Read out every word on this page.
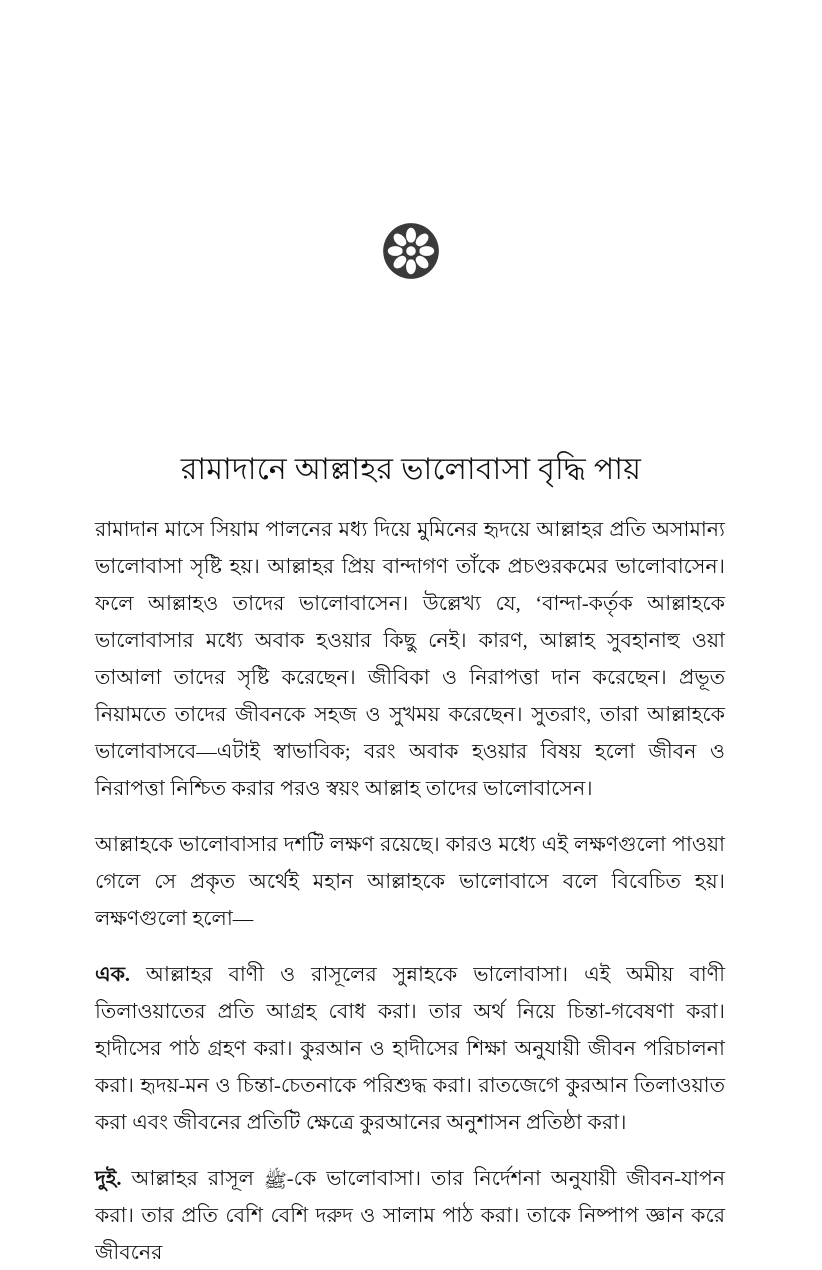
রামাদানে আল্লাহর ভালোবাসা বৃদ্ধি পায়

রামাদান মাসে সিয়াম পালনের মধ্য দিয়ে মুমিনের হৃদয়ে আল্লাহর প্রতি অসামান্য ভালোবাসা সৃষ্টি হয়। আল্লাহর প্রিয় বান্দাগণ তাঁকে প্রচণ্ডরকমের ভালোবাসেন। ফলে আল্লাহও তাদের ভালোবাসেন। উল্লেখ্য যে, ‘বান্দা-কর্তৃক আল্লাহকে ভালোবাসার মধ্যে অবাক হওয়ার কিছু নেই। কারণ, আল্লাহ সুবহানাহু ওয়া তাআলা তাদের সৃষ্টি করেছেন। জীবিকা ও নিরাপত্তা দান করেছেন। প্রভূত নিয়ামতে তাদের জীবনকে সহজ ও সুখময় করেছেন। সুতরাং, তারা আল্লাহকে ভালোবাসবে—এটাই স্বাভাবিক; বরং অবাক হওয়ার বিষয় হলো জীবন ও নিরাপত্তা নিশ্চিত করার পরও স্বয়ং আল্লাহ তাদের ভালোবাসেন।

আল্লাহকে ভালোবাসার দশটি লক্ষণ রয়েছে। কারও মধ্যে এই লক্ষণগুলো পাওয়া গেলে সে প্রকৃত অর্থেই মহান আল্লাহকে ভালোবাসে বলে বিবেচিত হয়। লক্ষণগুলো হলো—

এক. আল্লাহর বাণী ও রাসূলের সুন্নাহকে ভালোবাসা। এই অমীয় বাণী তিলাওয়াতের প্রতি আগ্রহ বোধ করা। তার অর্থ নিয়ে চিন্তা-গবেষণা করা। হাদীসের পাঠ গ্রহণ করা। কুরআন ও হাদীসের শিক্ষা অনুযায়ী জীবন পরিচালনা করা। হৃদয়-মন ও চিন্তা-চেতনাকে পরিশুদ্ধ করা। রাতজেগে কুরআন তিলাওয়াত করা এবং জীবনের প্রতিটি ক্ষেত্রে কুরআনের অনুশাসন প্রতিষ্ঠা করা।

দুই. আল্লাহর রাসূল ﷺ-কে ভালোবাসা। তার নির্দেশনা অনুযায়ী জীবন-যাপন করা। তার প্রতি বেশি বেশি দরুদ ও সালাম পাঠ করা। তাকে নিষ্পাপ জ্ঞান করে জীবনের
